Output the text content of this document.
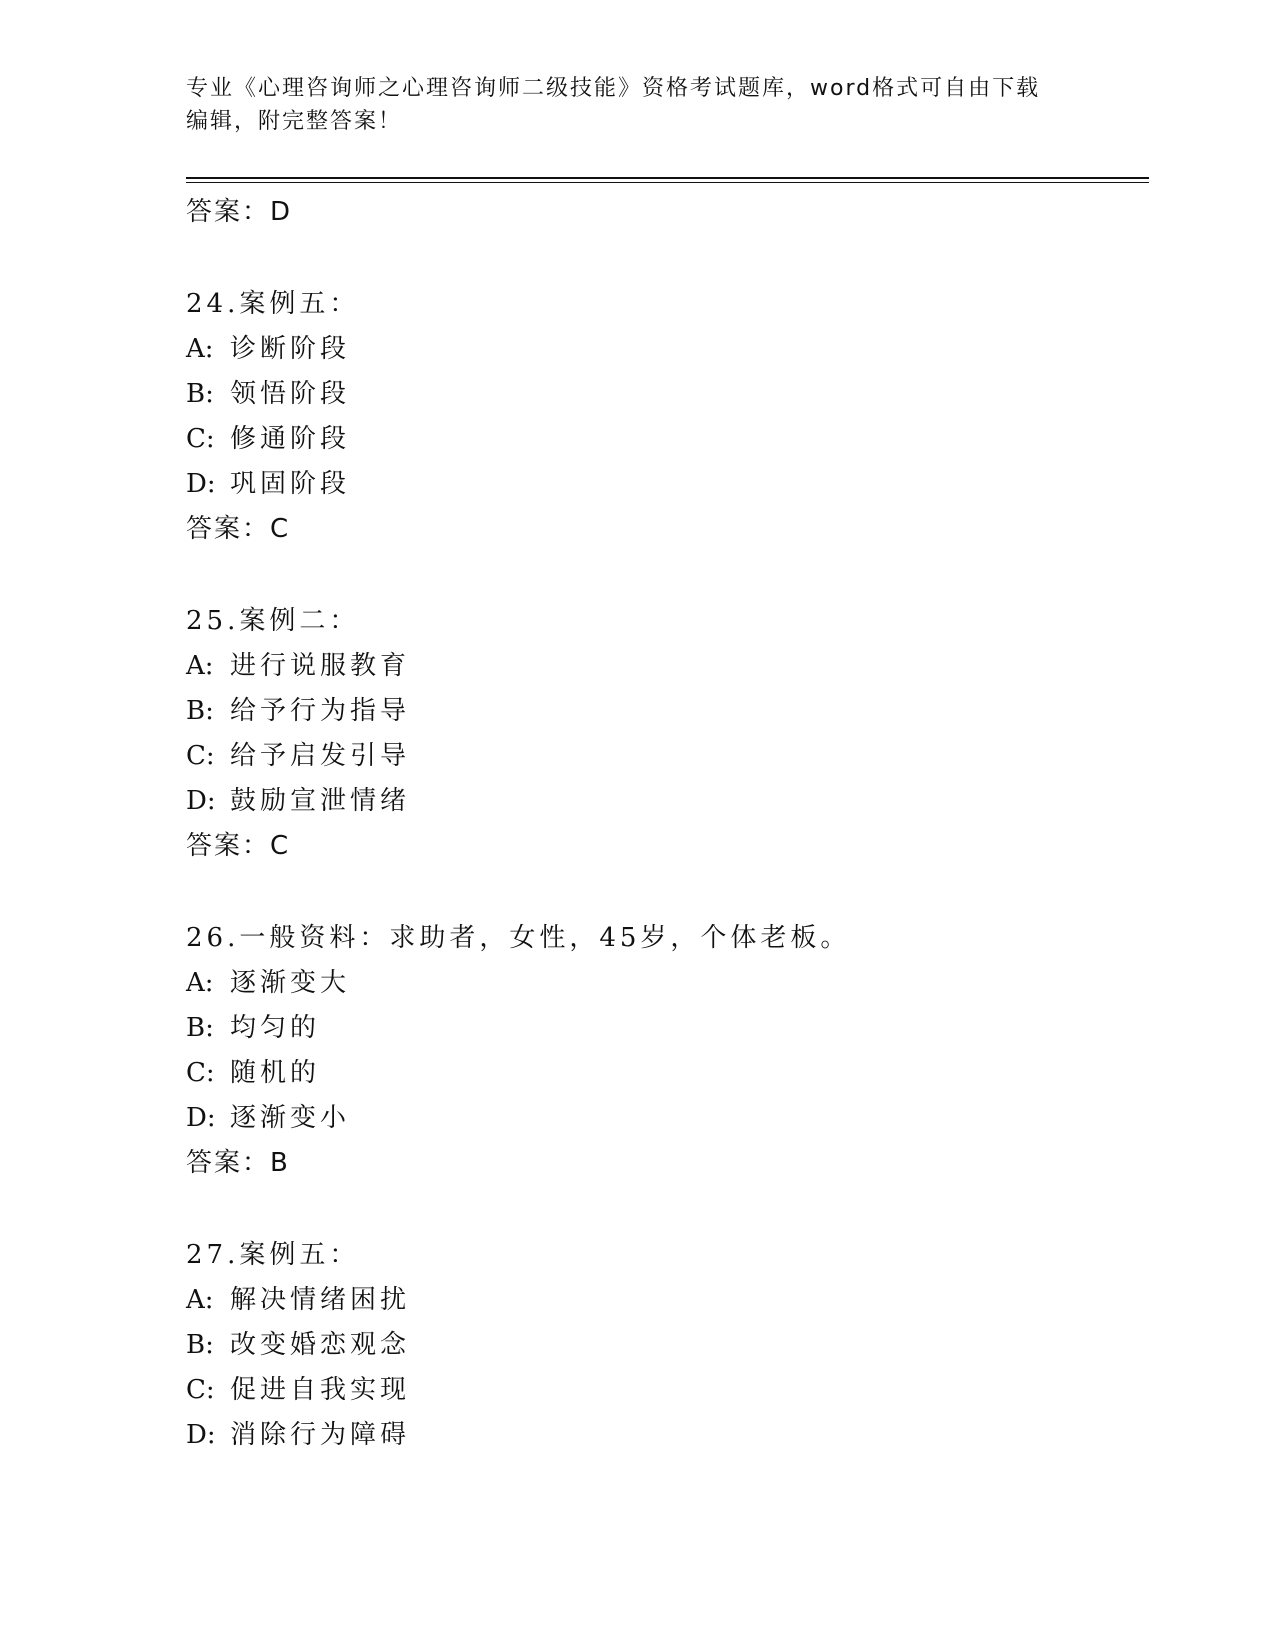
专业《心理咨询师之心理咨询师二级技能》资格考试题库，word格式可自由下载
编辑，附完整答案！
答案：D
24.案例五：
A: 诊断阶段
B: 领悟阶段
C: 修通阶段
D: 巩固阶段
答案：C
25.案例二：
A: 进行说服教育
B: 给予行为指导
C: 给予启发引导
D: 鼓励宣泄情绪
答案：C
26.一般资料：求助者，女性，45岁，个体老板。
A: 逐渐变大
B: 均匀的
C: 随机的
D: 逐渐变小
答案：B
27.案例五：
A: 解决情绪困扰
B: 改变婚恋观念
C: 促进自我实现
D: 消除行为障碍
